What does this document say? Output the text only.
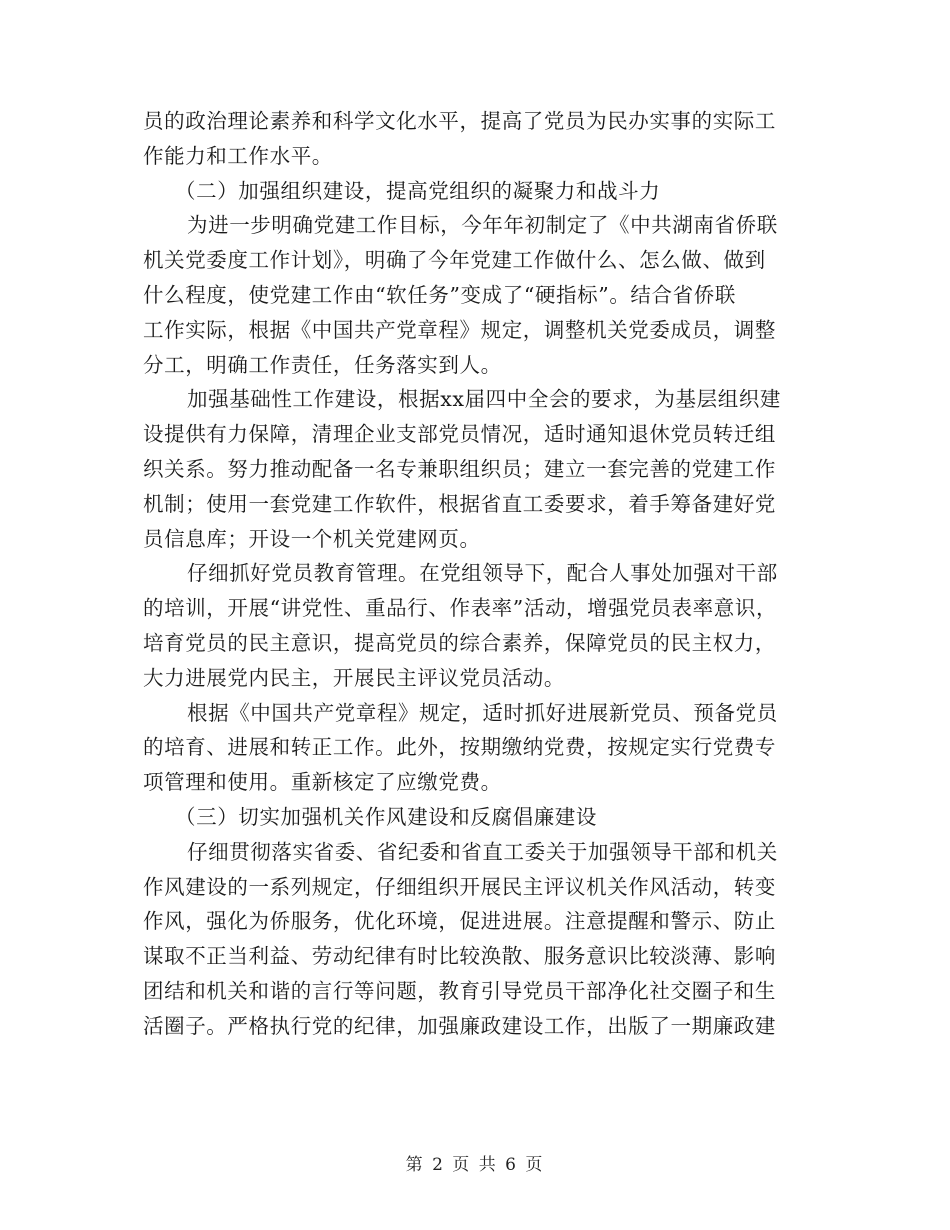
员的政治理论素养和科学文化水平，提高了党员为民办实事的实际工
作能力和工作水平。
（二）加强组织建设，提高党组织的凝聚力和战斗力
为进一步明确党建工作目标，今年年初制定了《中共湖南省侨联
机关党委度工作计划》，明确了今年党建工作做什么、怎么做、做到
什么程度，使党建工作由“软任务”变成了“硬指标”。结合省侨联
工作实际，根据《中国共产党章程》规定，调整机关党委成员，调整
分工，明确工作责任，任务落实到人。
加强基础性工作建设，根据xx届四中全会的要求，为基层组织建
设提供有力保障，清理企业支部党员情况，适时通知退休党员转迁组
织关系。努力推动配备一名专兼职组织员；建立一套完善的党建工作
机制；使用一套党建工作软件，根据省直工委要求，着手筹备建好党
员信息库；开设一个机关党建网页。
仔细抓好党员教育管理。在党组领导下，配合人事处加强对干部
的培训，开展“讲党性、重品行、作表率”活动，增强党员表率意识，
培育党员的民主意识，提高党员的综合素养，保障党员的民主权力，
大力进展党内民主，开展民主评议党员活动。
根据《中国共产党章程》规定，适时抓好进展新党员、预备党员
的培育、进展和转正工作。此外，按期缴纳党费，按规定实行党费专
项管理和使用。重新核定了应缴党费。
（三）切实加强机关作风建设和反腐倡廉建设
仔细贯彻落实省委、省纪委和省直工委关于加强领导干部和机关
作风建设的一系列规定，仔细组织开展民主评议机关作风活动，转变
作风，强化为侨服务，优化环境，促进进展。注意提醒和警示、防止
谋取不正当利益、劳动纪律有时比较涣散、服务意识比较淡薄、影响
团结和机关和谐的言行等问题，教育引导党员干部净化社交圈子和生
活圈子。严格执行党的纪律，加强廉政建设工作，出版了一期廉政建
第 2 页 共 6 页
